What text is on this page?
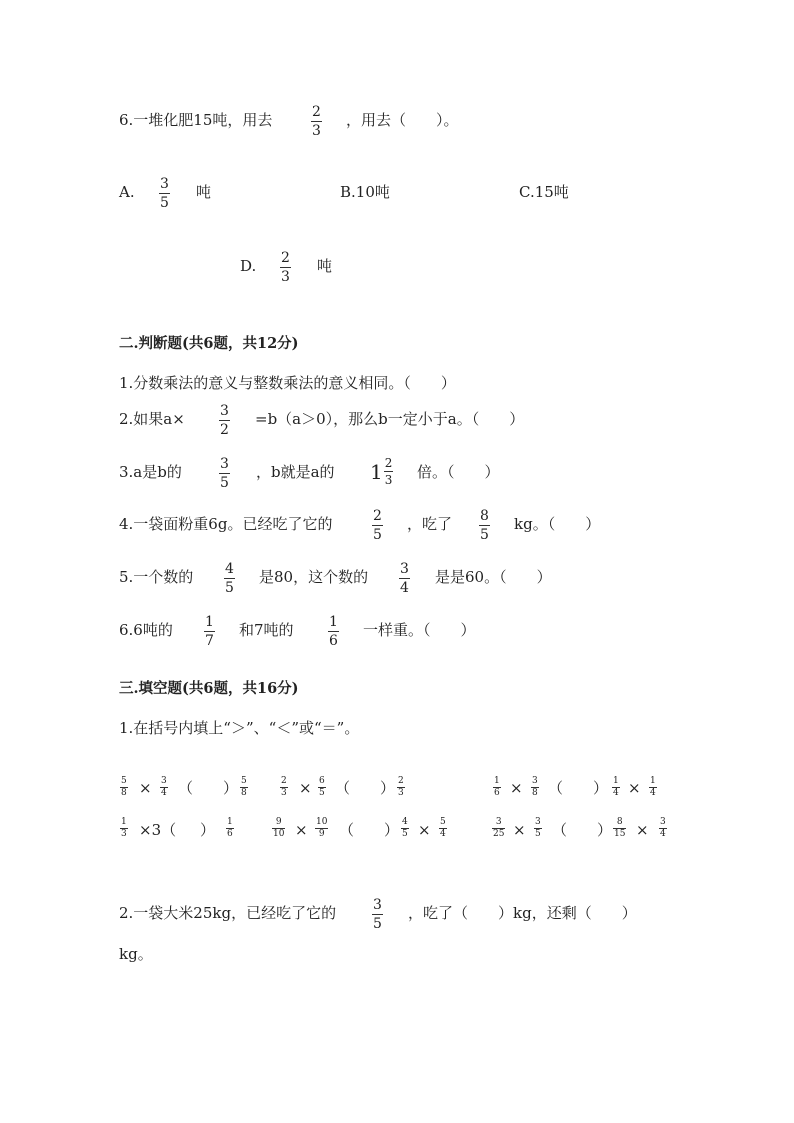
6.一堆化肥15吨，用去	2
3
，用去（　　）。
A. 3
5
吨	B.10吨	C.15吨
D. 2
3
吨
二.判断题(共6题，共12分)
1.分数乘法的意义与整数乘法的意义相同。（　　）
2.如果a×	3
2
=b（a＞0），那么b一定小于a。（　　）
3.a是b的	3
5
，b就是a的 $1 \frac{2}{3}$ 倍。（　　）
4.一袋面粉重6g。已经吃了它的	2
5
，吃了 8
5
kg。（　　）
5.一个数的 4
5
是80，这个数的 3
4
是是60。（　　）
6.6吨的 1
7
和7吨的	1
6
一样重。（　　）
三.填空题(共6题，共16分)
1.在括号内填上“＞”、“＜”或“＝”。
5
8 × 3
4 （　　） 5
8
2
3 × 6
5 （　　） 2
3
1
6 × 3
8 （　　） 1
4 × 1
4
1
3 ×3（ ） 1
6
9
10 × 10
9 （　　） 4
5 × 5
4
3
25 × 3
5 （　　） 8
15 × 3
4
2.一袋大米25kg，已经吃了它的	3
5
，吃了（　　）kg，还剩（　　）
kg。
